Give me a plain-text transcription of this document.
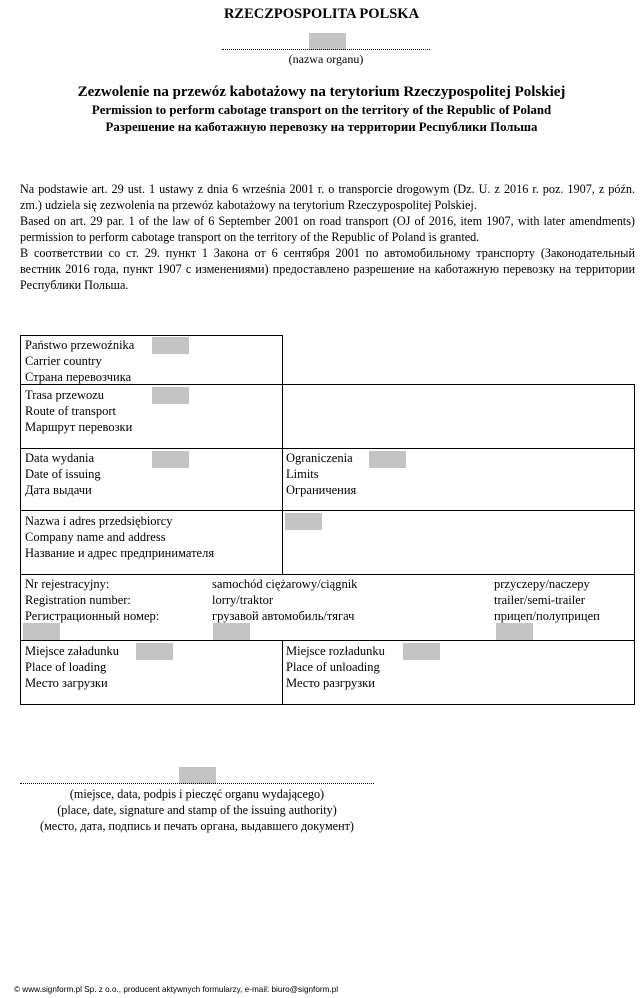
RZECZPOSPOLITA POLSKA
(nazwa organu)
Zezwolenie na przewóz kabotażowy na terytorium Rzeczypospolitej Polskiej
Permission to perform cabotage transport on the territory of the Republic of Poland
Разрешение на каботажную перевозку на территории Республики Польша
Na podstawie art. 29 ust. 1 ustawy z dnia 6 września 2001 r. o transporcie drogowym (Dz. U. z 2016 r. poz. 1907, z późn. zm.) udziela się zezwolenia na przewóz kabotażowy na terytorium Rzeczypospolitej Polskiej.
Based on art. 29 par. 1 of the law of 6 September 2001 on road transport (OJ of 2016, item 1907, with later amendments) permission to perform cabotage transport on the territory of the Republic of Poland is granted.
В соответствии со ст. 29. пункт 1 Закона от 6 сентября 2001 по автомобильному транспорту (Законодательный вестник 2016 года, пункт 1907 с изменениями) предоставлено разрешение на каботажную перевозку на территории Республики Польша.
Państwo przewoźnika
Carrier country
Страна перевозчика
Trasa przewozu
Route of transport
Маршрут перевозки
Data wydania
Date of issuing
Дата выдачи
Ograniczenia
Limits
Ограничения
Nazwa i adres przedsiębiorcy
Company name and address
Название и адрес предпринимателя
Nr rejestracyjny:
Registration number:
Регистрационный номер:
samochód ciężarowy/ciągnik
lorry/traktor
грузавой автомобиль/тягач
przyczepy/naczepy
trailer/semi-trailer
прицеп/полуприцеп
Miejsce załadunku
Place of loading
Место загрузки
Miejsce rozładunku
Place of unloading
Место разгрузки
(miejsce, data, podpis i pieczęć organu wydającego)
(place, date, signature and stamp of the issuing authority)
(место, дата, подпись и печать органа, выдавшего документ)
© www.signform.pl Sp. z o.o., producent aktywnych formularzy, e-mail: biuro@signform.pl
